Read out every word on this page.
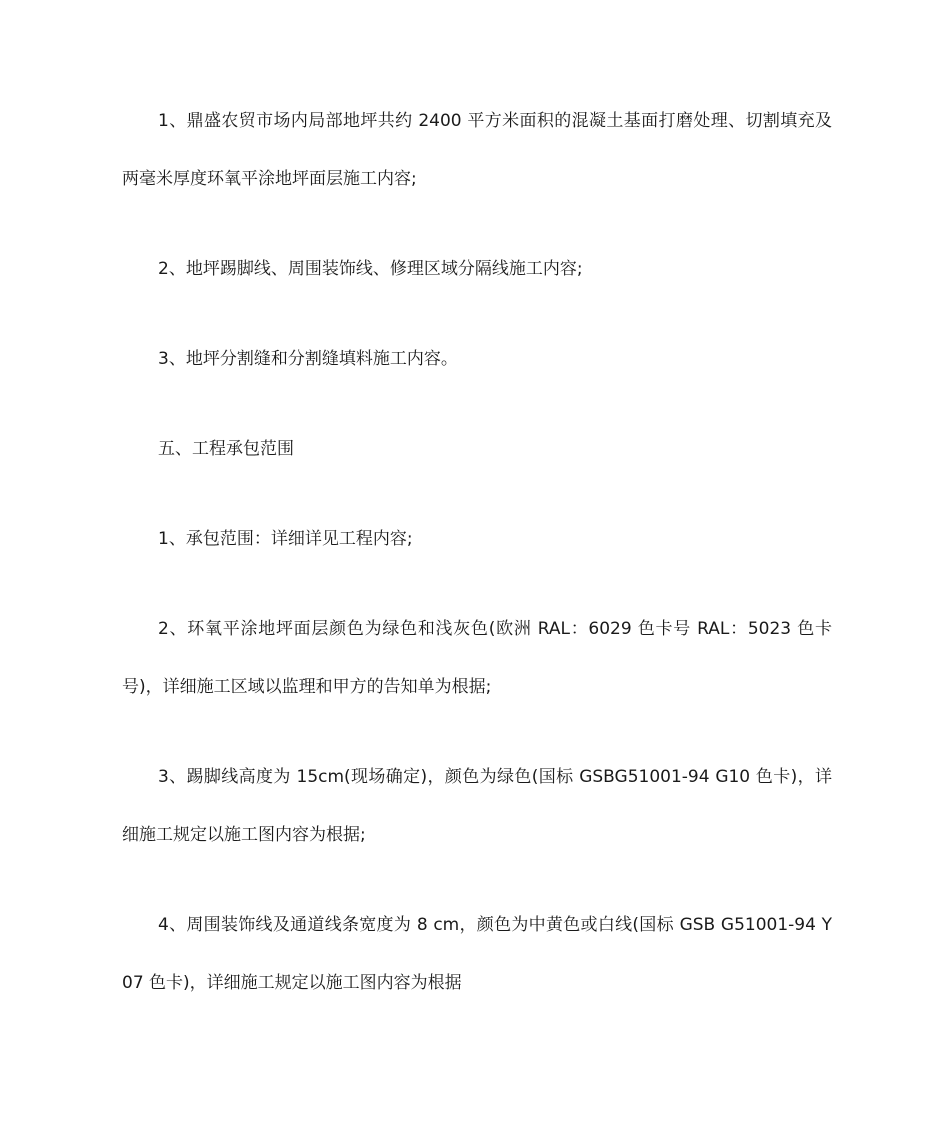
1、鼎盛农贸市场内局部地坪共约 2400 平方米面积的混凝土基面打磨处理、切割填充及两毫米厚度环氧平涂地坪面层施工内容;

2、地坪踢脚线、周围装饰线、修理区域分隔线施工内容;

3、地坪分割缝和分割缝填料施工内容。

五、工程承包范围

1、承包范围：详细详见工程内容;

2、环氧平涂地坪面层颜色为绿色和浅灰色(欧洲 RAL：6029 色卡号 RAL：5023 色卡号)，详细施工区域以监理和甲方的告知单为根据;

3、踢脚线高度为 15cm(现场确定)，颜色为绿色(国标 GSBG51001-94 G10 色卡)，详细施工规定以施工图内容为根据;

4、周围装饰线及通道线条宽度为 8 cm，颜色为中黄色或白线(国标 GSB G51001-94 Y07 色卡)，详细施工规定以施工图内容为根据
